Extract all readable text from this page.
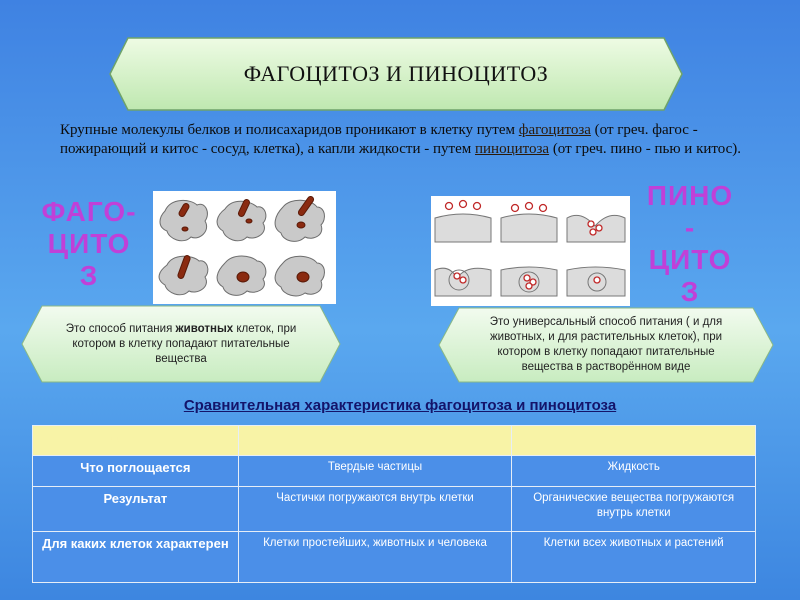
ФАГОЦИТОЗ И ПИНОЦИТОЗ

Крупные молекулы белков и полисахаридов проникают в клетку путем фагоцитоза (от греч. фагос - пожирающий и китос - сосуд, клетка), а капли жидкости - путем пиноцитоза (от греч. пино - пью и китос).

ФАГО-
ЦИТО
З
ПИНО
-
ЦИТО
З
Это способ питания животных клеток, при котором в клетку попадают питательные вещества
Это универсальный способ питания ( и для животных, и для растительных клеток), при котором в клетку попадают питательные вещества в растворённом виде
Сравнительная характеристика фагоцитоза и пиноцитоза
Линии сравнения	Фагоцитоз	Пиноцитоз
Что поглощается	Твердые частицы	Жидкость
Результат	Частички погружаются внутрь клетки	Органические вещества погружаются внутрь клетки
Для каких клеток характерен	Клетки простейших, животных и человека	Клетки всех животных и растений
